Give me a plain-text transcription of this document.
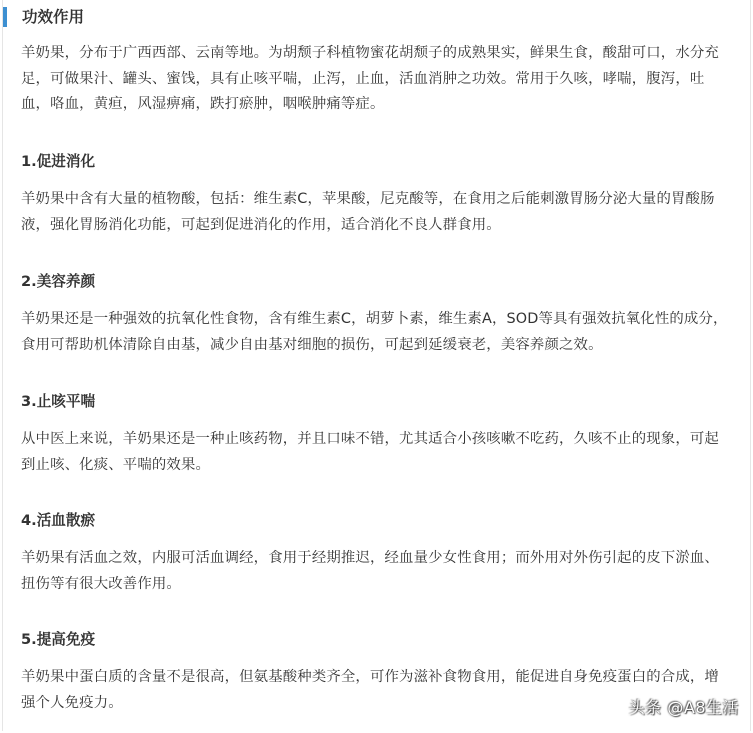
功效作用

羊奶果，分布于广西西部、云南等地。为胡颓子科植物蜜花胡颓子的成熟果实，鲜果生食，酸甜可口，水分充足，可做果汁、罐头、蜜饯，具有止咳平喘，止泻，止血，活血消肿之功效。常用于久咳，哮喘，腹泻，吐血，咯血，黄疸，风湿痹痛，跌打瘀肿，咽喉肿痛等症。

1.促进消化

羊奶果中含有大量的植物酸，包括：维生素C，苹果酸，尼克酸等，在食用之后能刺激胃肠分泌大量的胃酸肠液，强化胃肠消化功能，可起到促进消化的作用，适合消化不良人群食用。

2.美容养颜

羊奶果还是一种强效的抗氧化性食物，含有维生素C，胡萝卜素，维生素A，SOD等具有强效抗氧化性的成分，食用可帮助机体清除自由基，减少自由基对细胞的损伤，可起到延缓衰老，美容养颜之效。

3.止咳平喘

从中医上来说，羊奶果还是一种止咳药物，并且口味不错，尤其适合小孩咳嗽不吃药，久咳不止的现象，可起到止咳、化痰、平喘的效果。

4.活血散瘀

羊奶果有活血之效，内服可活血调经，食用于经期推迟，经血量少女性食用；而外用对外伤引起的皮下淤血、扭伤等有很大改善作用。

5.提高免疫

羊奶果中蛋白质的含量不是很高，但氨基酸种类齐全，可作为滋补食物食用，能促进自身免疫蛋白的合成，增强个人免疫力。	头条 @A8生活
